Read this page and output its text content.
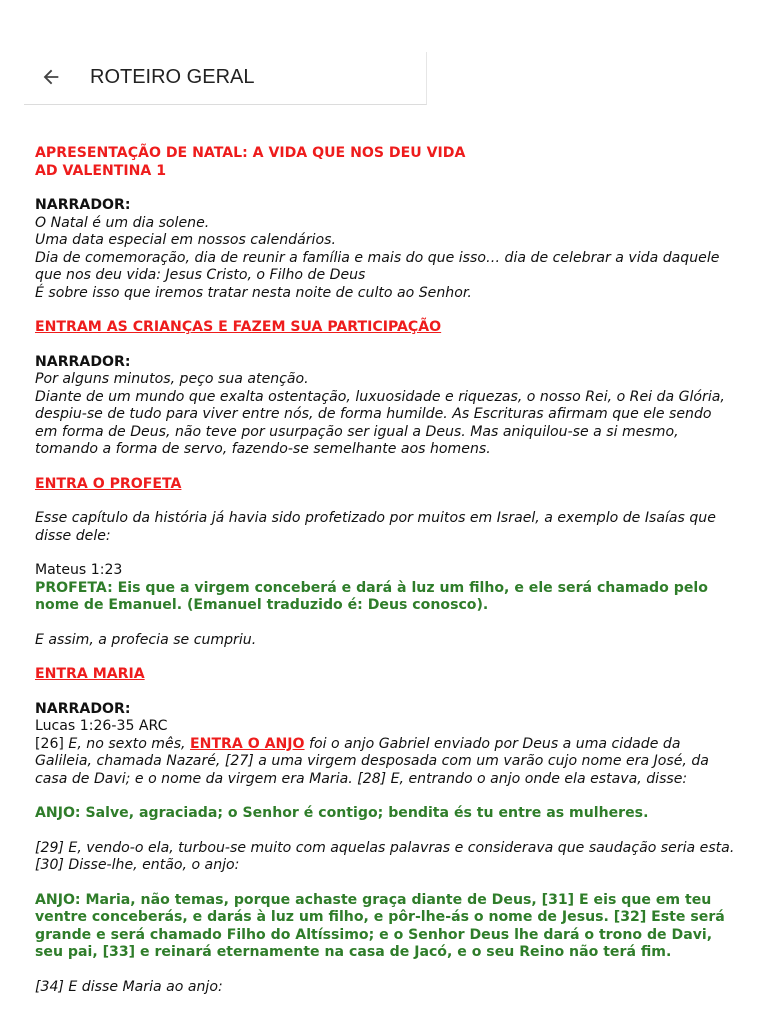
ROTEIRO GERAL

APRESENTAÇÃO DE NATAL: A VIDA QUE NOS DEU VIDA

AD VALENTINA 1

NARRADOR:

O Natal é um dia solene.

Uma data especial em nossos calendários.

Dia de comemoração, dia de reunir a família e mais do que isso… dia de celebrar a vida daquele que nos deu vida: Jesus Cristo, o Filho de Deus

É sobre isso que iremos tratar nesta noite de culto ao Senhor.

ENTRAM AS CRIANÇAS E FAZEM SUA PARTICIPAÇÃO

NARRADOR:

Por alguns minutos, peço sua atenção.

Diante de um mundo que exalta ostentação, luxuosidade e riquezas, o nosso Rei, o Rei da Glória, despiu-se de tudo para viver entre nós, de forma humilde. As Escrituras afirmam que ele sendo em forma de Deus, não teve por usurpação ser igual a Deus. Mas aniquilou-se a si mesmo, tomando a forma de servo, fazendo-se semelhante aos homens.

ENTRA O PROFETA

Esse capítulo da história já havia sido profetizado por muitos em Israel, a exemplo de Isaías que disse dele:

Mateus 1:23

PROFETA: Eis que a virgem conceberá e dará à luz um filho, e ele será chamado pelo nome de Emanuel. (Emanuel traduzido é: Deus conosco).

E assim, a profecia se cumpriu.

ENTRA MARIA

NARRADOR:

Lucas 1:26-35 ARC

[26] E, no sexto mês, ENTRA O ANJO foi o anjo Gabriel enviado por Deus a uma cidade da Galileia, chamada Nazaré, [27] a uma virgem desposada com um varão cujo nome era José, da casa de Davi; e o nome da virgem era Maria. [28] E, entrando o anjo onde ela estava, disse:

ANJO: Salve, agraciada; o Senhor é contigo; bendita és tu entre as mulheres.

[29] E, vendo-o ela, turbou-se muito com aquelas palavras e considerava que saudação seria esta. [30] Disse-lhe, então, o anjo:

ANJO: Maria, não temas, porque achaste graça diante de Deus, [31] E eis que em teu ventre conceberás, e darás à luz um filho, e pôr-lhe-ás o nome de Jesus. [32] Este será grande e será chamado Filho do Altíssimo; e o Senhor Deus lhe dará o trono de Davi, seu pai, [33] e reinará eternamente na casa de Jacó, e o seu Reino não terá fim.

[34] E disse Maria ao anjo:
